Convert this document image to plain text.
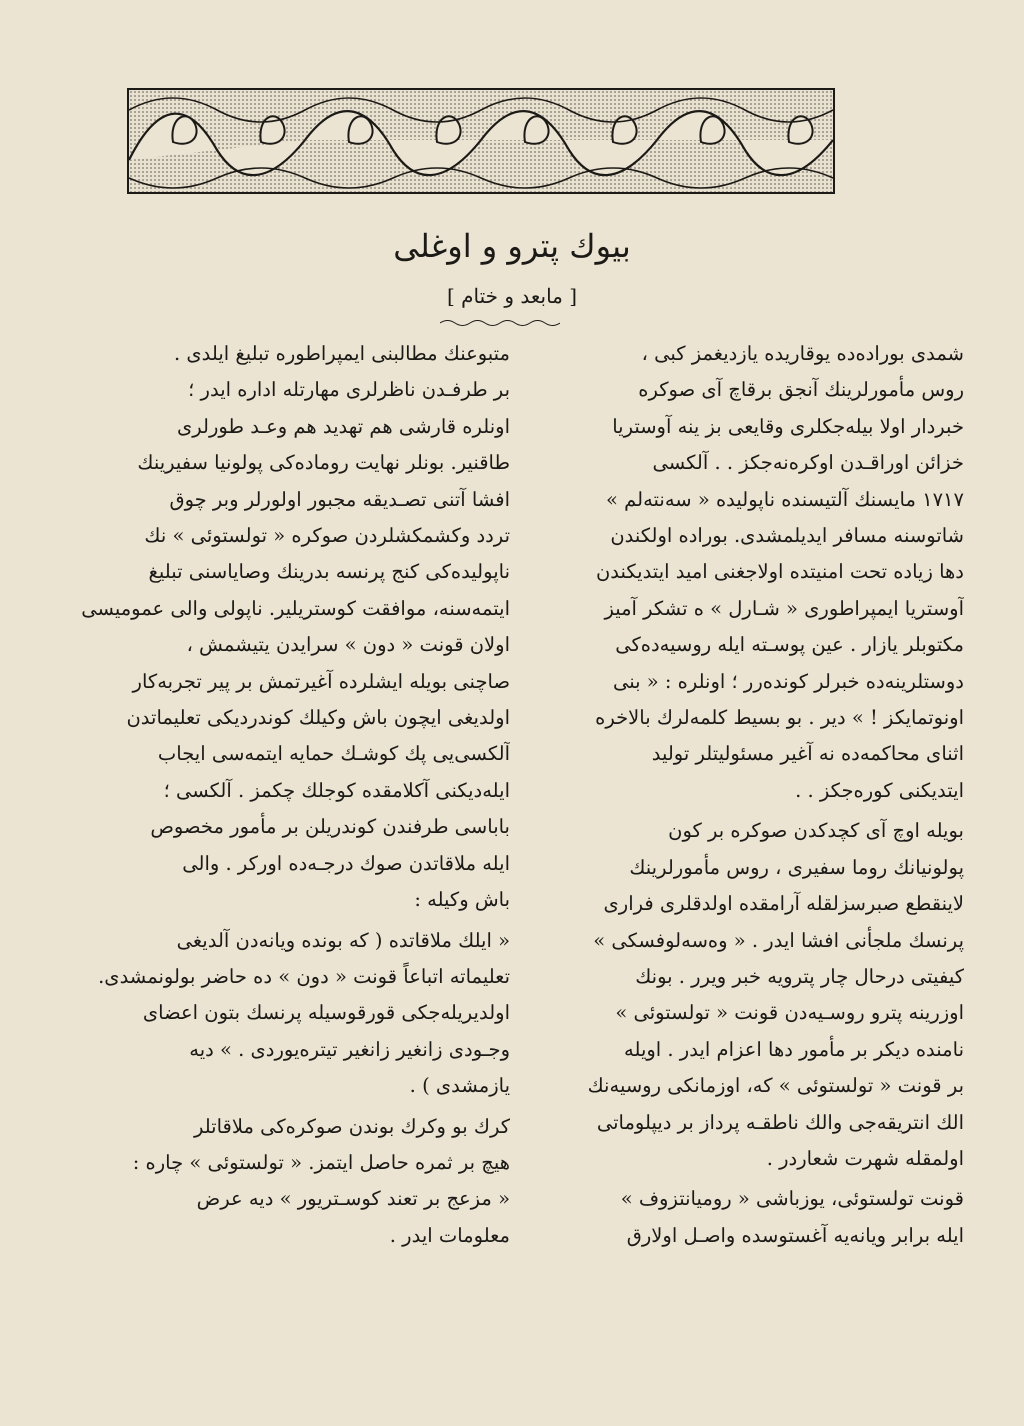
بیوك پترو و اوغلی
[ مابعد و ختام ]

شمدی بوراده‌ده یوقاریده یازدیغمز کبی ،
روس مأمورلرینك آنجق برقاچ آی صوکره
خبردار اولا بیله‌جکلری وقایعی بز ینه آوستریا
خزائن اوراقـدن اوکره‌نه‌جکز . . آلکسی
۱۷۱۷ مایسنك آلتیسنده ناپولیده « سه‌نته‌لم »
شاتوسنه مسافر ایدیلمشدی. بوراده اولکندن
دها زیاده تحت امنیتده اولاجغنی امید ایتدیکندن
آوستریا ایمپراطوری « شـارل » ه تشکر آمیز
مکتوبلر یازار . عین پوسـته ایله روسیه‌ده‌کی
دوستلرینه‌ده خبرلر کونده‌رر ؛ اونلره : « بنی
اونوتمایکز ! » دیر . بو بسیط کلمه‌لرك بالاخره
اثنای محاکمه‌ده نه آغیر مسئولیتلر تولید
ایتدیکنی کوره‌جکز . .

بویله اوچ آی کچدکدن صوکره بر کون
پولونیانك روما سفیری ، روس مأمورلرینك
لاینقطع صبرسزلقله آرامقده اولدقلری فراری
پرنسك ملجأنی افشا ایدر . « وه‌سه‌لوفسکی »
کیفیتی درحال چار پترویه خبر ویرر . بونك
اوزرینه پترو روسـیه‌دن قونت « تولستوئی »
نامنده دیکر بر مأمور دها اعزام ایدر . اویله
بر قونت « تولستوئی » که، اوزمانکی روسیه‌نك
الك انتریقه‌جی والك ناطقـه پرداز بر دیپلوماتی
اولمقله شهرت شعاردر .

قونت تولستوئی، یوزباشی « رومیانتزوف »
ایله برابر ویانه‌یه آغستوسده واصـل اولارق

متبوعنك مطالبنی ایمپراطوره تبلیغ ایلدی .
بر طرفـدن ناظرلری مهارتله اداره ایدر ؛
اونلره قارشی هم تهدید هم وعـد طورلری
طاقنیر. بونلر نهایت روماده‌کی پولونیا سفیرینك
افشا آتنی تصـدیقه مجبور اولورلر وبر چوق
تردد وکشمکشلردن صوکره « تولستوئی » نك
ناپولیده‌کی کنج پرنسه بدرینك وصایاسنی تبلیغ
ایتمه‌سنه، موافقت کوستریلیر. ناپولی والی عمومیسی
اولان قونت « دون » سرایدن یتیشمش ،
صاچنی بویله ایشلرده آغیرتمش بر پیر تجربه‌کار
اولدیغی ایچون باش وکیلك کوندردیکی تعلیماتدن
آلکسی‌یی پك کوشـك حمایه ایتمه‌سی ایجاب
ایله‌دیکنی آکلامقده کوجلك چکمز . آلکسی ؛
باباسی طرفندن کوندریلن بر مأمور مخصوص
ایله ملاقاتدن صوك درجـه‌ده اورکر . والی
باش وکیله :

« ایلك ملاقاتده ( که بونده ویانه‌دن آلدیغی
تعلیماته اتباعاً قونت « دون » ده حاضر بولونمشدی.
اولدیریله‌جکی قورقوسیله پرنسك بتون اعضای
وجـودی زانغیر زانغیر تیتره‌یوردی . » دیه
یازمشدی ) .

کرك بو وکرك بوندن صوکره‌کی ملاقاتلر
هیچ بر ثمره حاصل ایتمز. « تولستوئی » چاره :
« مزعج بر تعند کوسـتریور » دیه عرض
معلومات ایدر .
